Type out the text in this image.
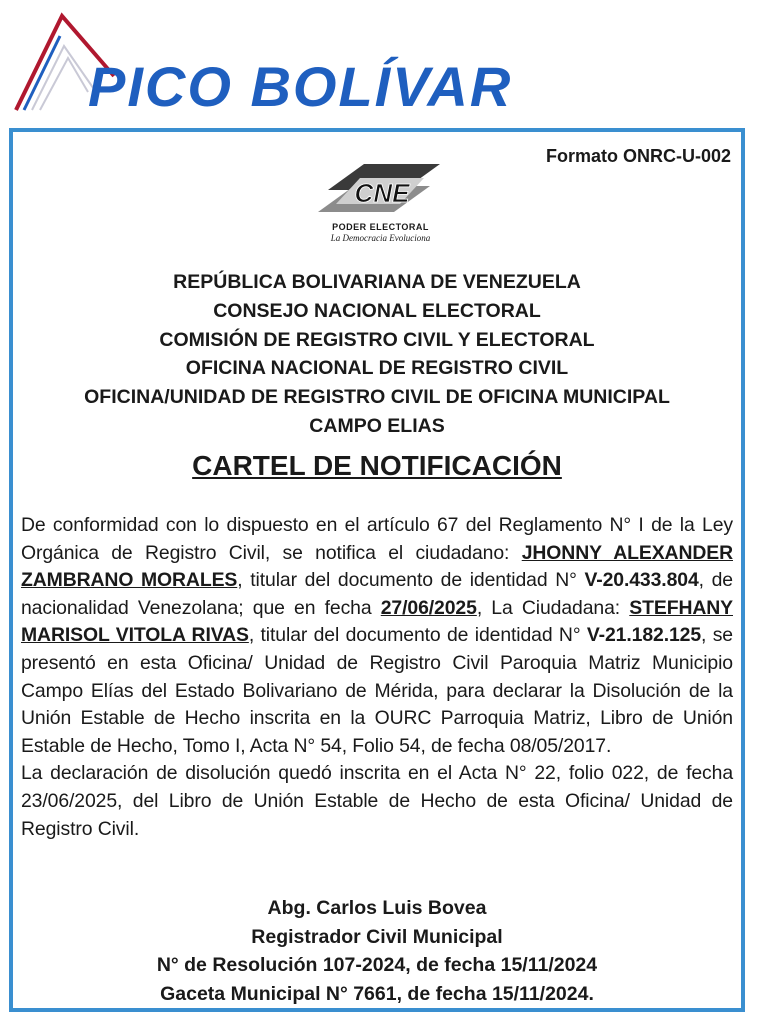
PICO BOLÍVAR
Formato ONRC-U-002
CNE
PODER ELECTORAL
La Democracia Evoluciona
REPÚBLICA BOLIVARIANA DE VENEZUELA
CONSEJO NACIONAL ELECTORAL
COMISIÓN DE REGISTRO CIVIL Y ELECTORAL
OFICINA NACIONAL DE REGISTRO CIVIL
OFICINA/UNIDAD DE REGISTRO CIVIL DE OFICINA MUNICIPAL
CAMPO ELIAS
CARTEL DE NOTIFICACIÓN

De conformidad con lo dispuesto en el artículo 67 del Reglamento N° I de la Ley Orgánica de Registro Civil, se notifica el ciudadano: JHONNY ALEXANDER ZAMBRANO MORALES, titular del documento de identidad N° V-20.433.804, de nacionalidad Venezolana; que en fecha 27/06/2025, La Ciudadana: STEFHANY MARISOL VITOLA RIVAS, titular del documento de identidad N° V-21.182.125, se presentó en esta Oficina/ Unidad de Registro Civil Paroquia Matriz Municipio Campo Elías del Estado Bolivariano de Mérida, para declarar la Disolución de la Unión Estable de Hecho inscrita en la OURC Parroquia Matriz, Libro de Unión Estable de Hecho, Tomo I, Acta N° 54, Folio 54, de fecha 08/05/2017.

La declaración de disolución quedó inscrita en el Acta N° 22, folio 022, de fecha 23/06/2025, del Libro de Unión Estable de Hecho de esta Oficina/ Unidad de Registro Civil.

Abg. Carlos Luis Bovea
Registrador Civil Municipal
N° de Resolución 107-2024, de fecha 15/11/2024
Gaceta Municipal N° 7661, de fecha 15/11/2024.
